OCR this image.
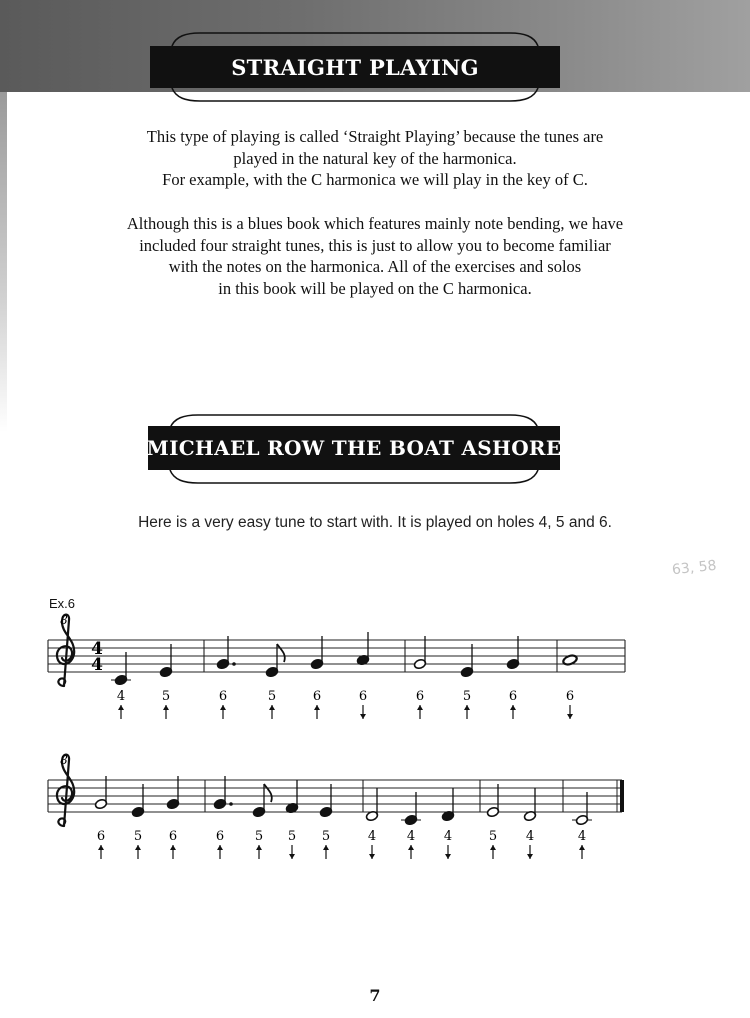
STRAIGHT PLAYING
This type of playing is called ‘Straight Playing’ because the tunes are
played in the natural key of the harmonica.
For example, with the C harmonica we will play in the key of C.
Although this is a blues book which features mainly note bending, we have
included four straight tunes, this is just to allow you to become familiar
with the notes on the harmonica. All of the exercises and solos
in this book will be played on the C harmonica.
MICHAEL ROW THE BOAT ASHORE
Here is a very easy tune to start with. It is played on holes 4, 5 and 6.
63, 58
Ex.6
8
4
4
4	5	6	5	6	6	6	5	6	6
8
6 5 6	6 5 5 5	4 4 4	5 4	4
7
